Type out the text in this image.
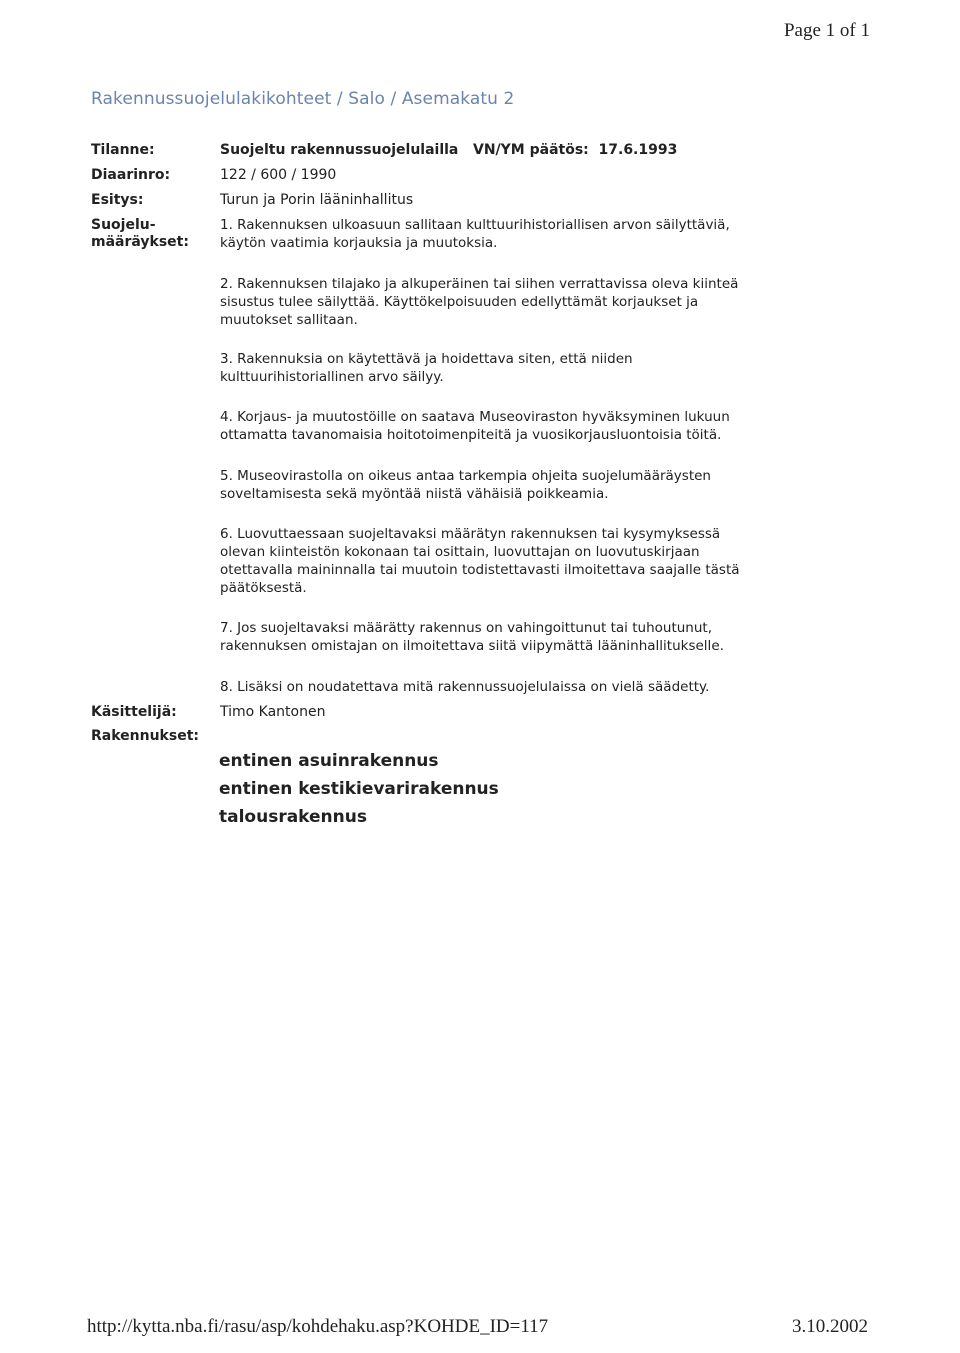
Page 1 of 1
Rakennussuojelulakikohteet / Salo / Asemakatu 2
Tilanne:	Suojeltu rakennussuojelulailla   VN/YM päätös:  17.6.1993
Diaarinro:	122 / 600 / 1990
Esitys:	Turun ja Porin lääninhallitus
Suojelu-
määräykset:
1. Rakennuksen ulkoasuun sallitaan kulttuurihistoriallisen arvon säilyttäviä,
käytön vaatimia korjauksia ja muutoksia.
2. Rakennuksen tilajako ja alkuperäinen tai siihen verrattavissa oleva kiinteä
sisustus tulee säilyttää. Käyttökelpoisuuden edellyttämät korjaukset ja
muutokset sallitaan.
3. Rakennuksia on käytettävä ja hoidettava siten, että niiden
kulttuurihistoriallinen arvo säilyy.
4. Korjaus- ja muutostöille on saatava Museoviraston hyväksyminen lukuun
ottamatta tavanomaisia hoitotoimenpiteitä ja vuosikorjausluontoisia töitä.
5. Museovirastolla on oikeus antaa tarkempia ohjeita suojelumääräysten
soveltamisesta sekä myöntää niistä vähäisiä poikkeamia.
6. Luovuttaessaan suojeltavaksi määrätyn rakennuksen tai kysymyksessä
olevan kiinteistön kokonaan tai osittain, luovuttajan on luovutuskirjaan
otettavalla maininnalla tai muutoin todistettavasti ilmoitettava saajalle tästä
päätöksestä.
7. Jos suojeltavaksi määrätty rakennus on vahingoittunut tai tuhoutunut,
rakennuksen omistajan on ilmoitettava siitä viipymättä lääninhallitukselle.
8. Lisäksi on noudatettava mitä rakennussuojelulaissa on vielä säädetty.
Käsittelijä:	Timo Kantonen
Rakennukset:
entinen asuinrakennus
entinen kestikievarirakennus
talousrakennus
http://kytta.nba.fi/rasu/asp/kohdehaku.asp?KOHDE_ID=117	3.10.2002
